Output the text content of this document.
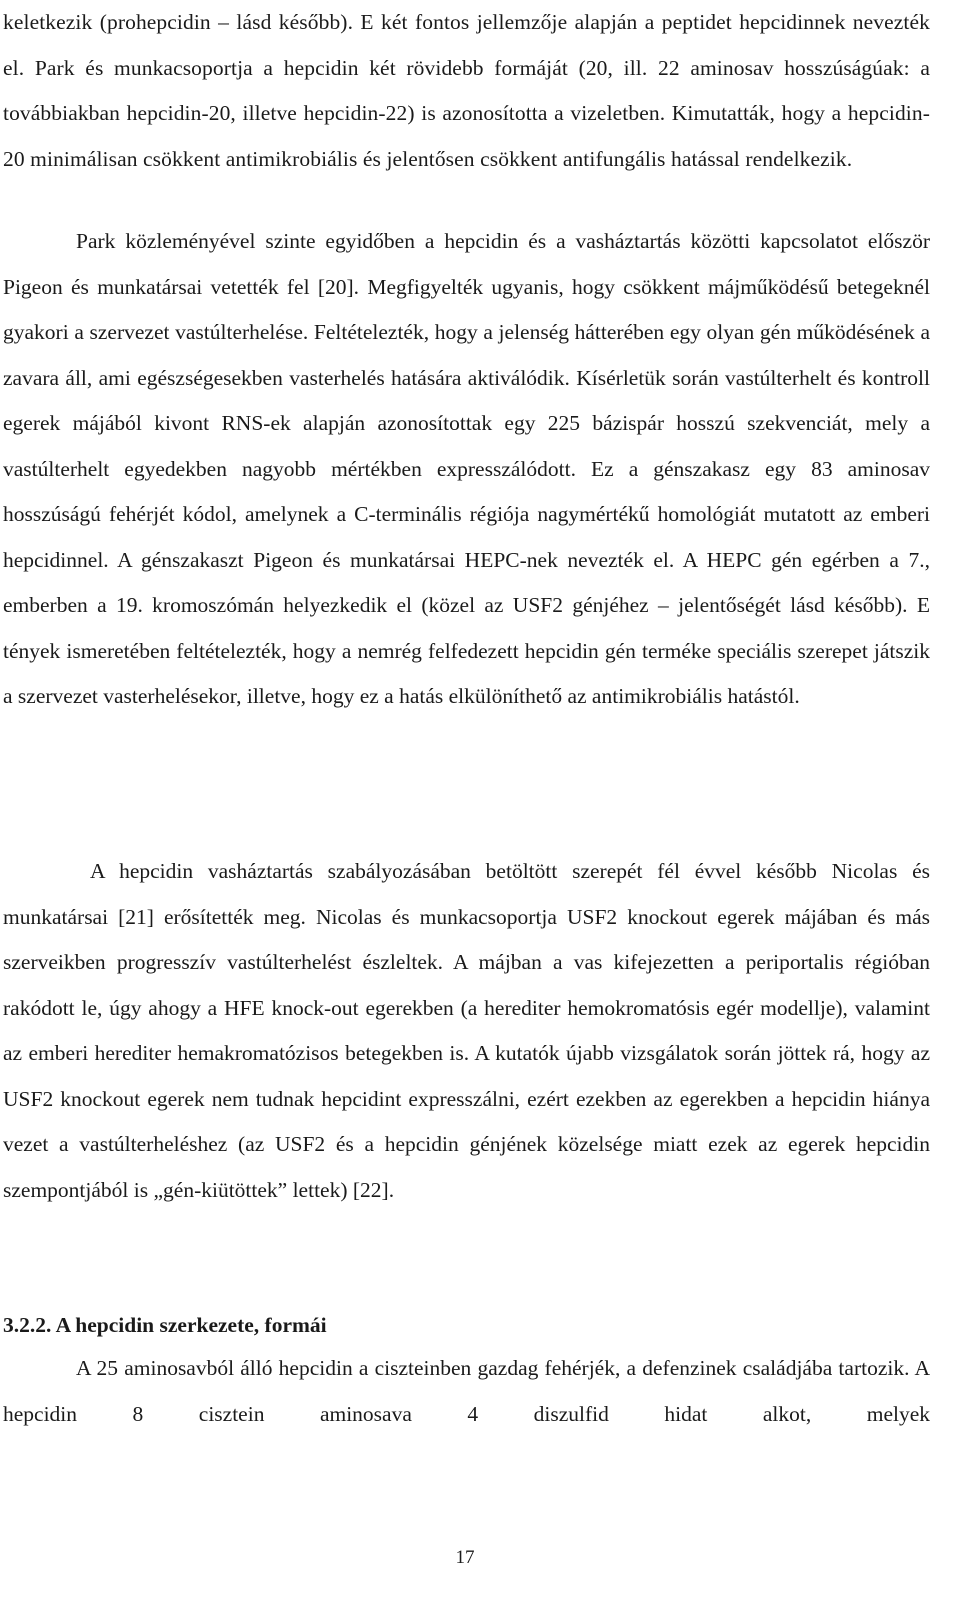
keletkezik (prohepcidin – lásd később). E két fontos jellemzője alapján a peptidet hepcidinnek nevezték el. Park és munkacsoportja a hepcidin két rövidebb formáját (20, ill. 22 aminosav hosszúságúak: a továbbiakban hepcidin-20, illetve hepcidin-22) is azonosította a vizeletben. Kimutatták, hogy a hepcidin-20 minimálisan csökkent antimikrobiális és jelentősen csökkent antifungális hatással rendelkezik.

Park közleményével szinte egyidőben a hepcidin és a vasháztartás közötti kapcsolatot először Pigeon és munkatársai vetették fel [20]. Megfigyelték ugyanis, hogy csökkent májműködésű betegeknél gyakori a szervezet vastúlterhelése. Feltételezték, hogy a jelenség hátterében egy olyan gén működésének a zavara áll, ami egészségesekben vasterhelés hatására aktiválódik. Kísérletük során vastúlterhelt és kontroll egerek májából kivont RNS-ek alapján azonosítottak egy 225 bázispár hosszú szekvenciát, mely a vastúlterhelt egyedekben nagyobb mértékben expresszálódott. Ez a génszakasz egy 83 aminosav hosszúságú fehérjét kódol, amelynek a C-terminális régiója nagymértékű homológiát mutatott az emberi hepcidinnel. A génszakaszt Pigeon és munkatársai HEPC-nek nevezték el. A HEPC gén egérben a 7., emberben a 19. kromoszómán helyezkedik el (közel az USF2 génjéhez – jelentőségét lásd később). E tények ismeretében feltételezték, hogy a nemrég felfedezett hepcidin gén terméke speciális szerepet játszik a szervezet vasterhelésekor, illetve, hogy ez a hatás elkülöníthető az antimikrobiális hatástól.

A hepcidin vasháztartás szabályozásában betöltött szerepét fél évvel később Nicolas és munkatársai [21] erősítették meg. Nicolas és munkacsoportja USF2 knockout egerek májában és más szerveikben progresszív vastúlterhelést észleltek. A májban a vas kifejezetten a periportalis régióban rakódott le, úgy ahogy a HFE knock-out egerekben (a herediter hemokromatósis egér modellje), valamint az emberi herediter hemakromatózisos betegekben is. A kutatók újabb vizsgálatok során jöttek rá, hogy az USF2 knockout egerek nem tudnak hepcidint expresszálni, ezért ezekben az egerekben a hepcidin hiánya vezet a vastúlterheléshez (az USF2 és a hepcidin génjének közelsége miatt ezek az egerek hepcidin szempontjából is „gén-kiütöttek” lettek) [22].

3.2.2. A hepcidin szerkezete, formái

A 25 aminosavból álló hepcidin a ciszteinben gazdag fehérjék, a defenzinek családjába tartozik. A hepcidin 8 cisztein aminosava 4 diszulfid hidat alkot, melyek

17
